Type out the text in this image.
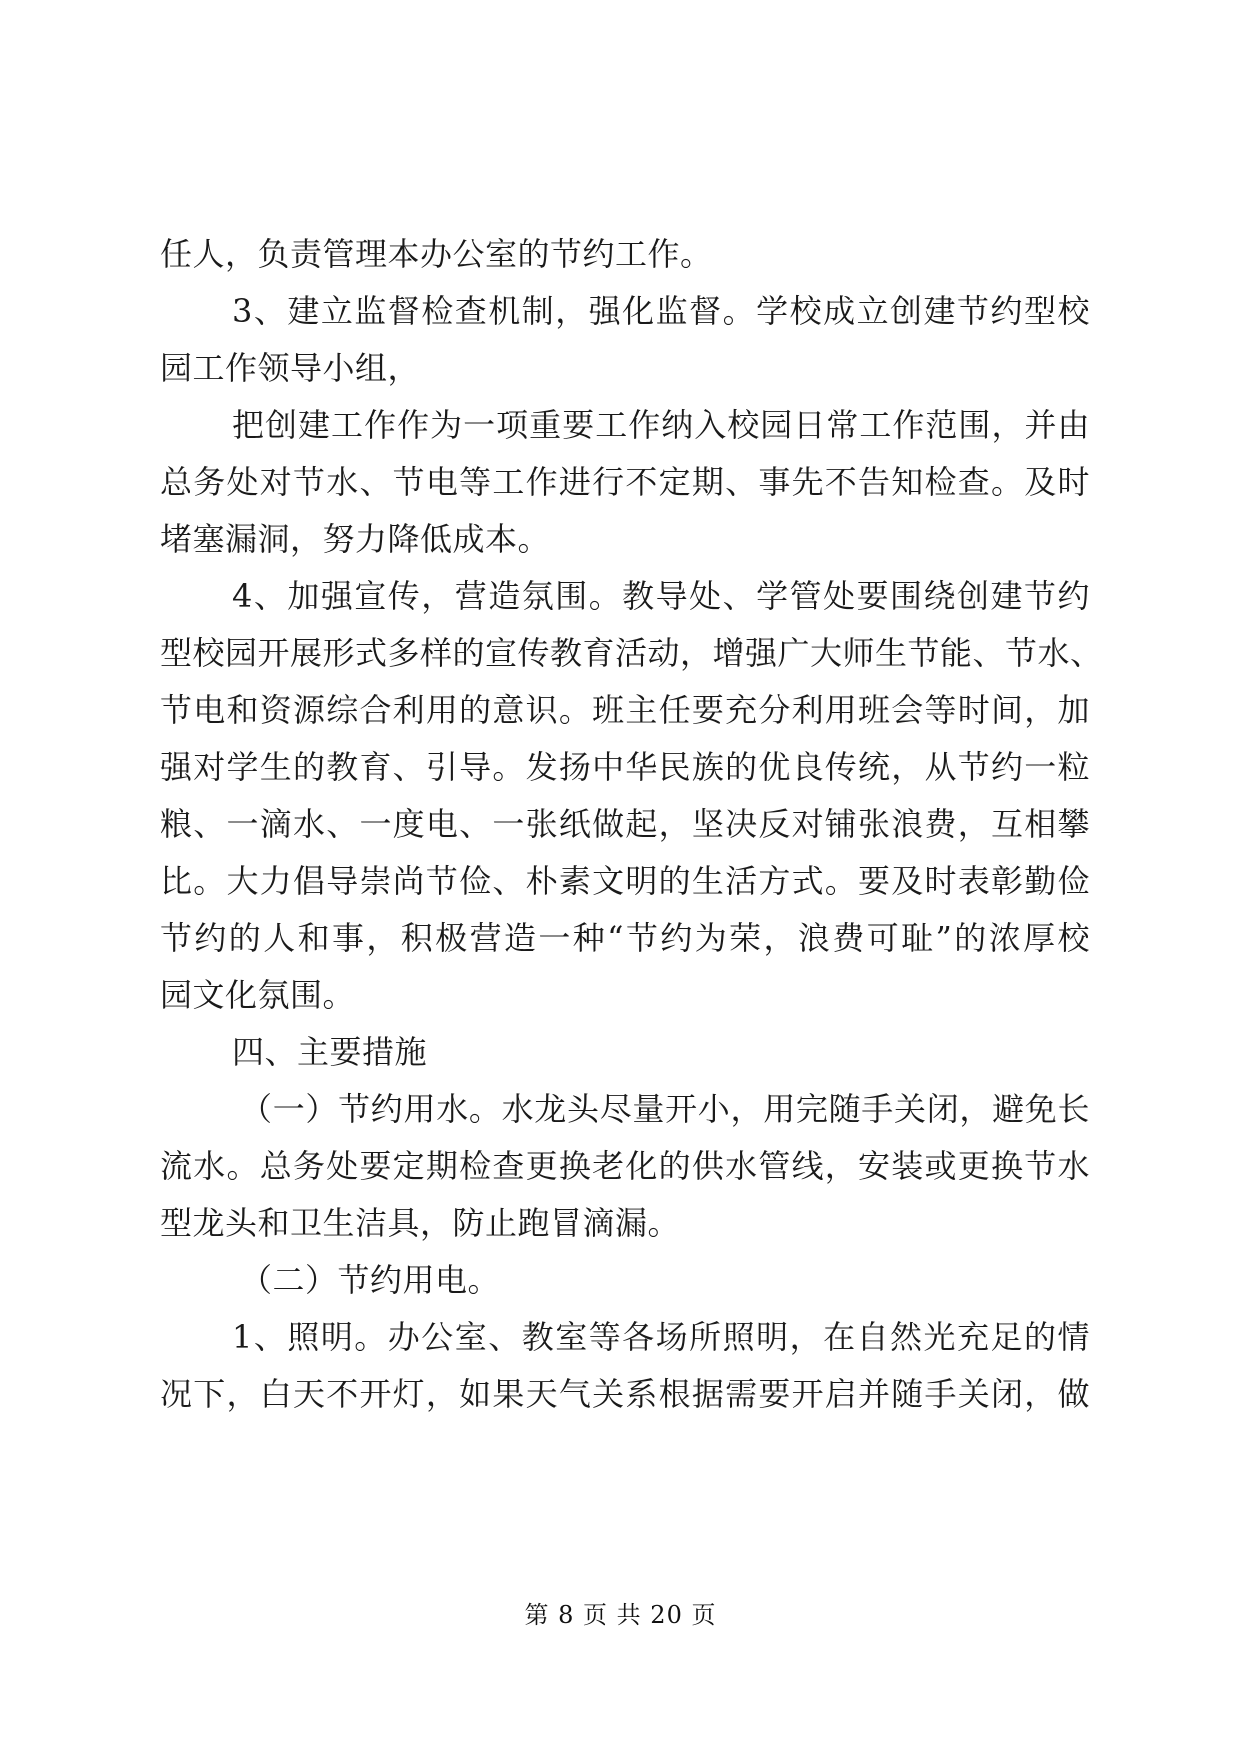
任人，负责管理本办公室的节约工作。
3、建立监督检查机制，强化监督。学校成立创建节约型校
园工作领导小组，
把创建工作作为一项重要工作纳入校园日常工作范围，并由
总务处对节水、节电等工作进行不定期、事先不告知检查。及时
堵塞漏洞，努力降低成本。
4、加强宣传，营造氛围。教导处、学管处要围绕创建节约
型校园开展形式多样的宣传教育活动，增强广大师生节能、节水、
节电和资源综合利用的意识。班主任要充分利用班会等时间，加
强对学生的教育、引导。发扬中华民族的优良传统，从节约一粒
粮、一滴水、一度电、一张纸做起，坚决反对铺张浪费，互相攀
比。大力倡导崇尚节俭、朴素文明的生活方式。要及时表彰勤俭
节约的人和事，积极营造一种“节约为荣，浪费可耻”的浓厚校
园文化氛围。
四、主要措施
（一）节约用水。水龙头尽量开小，用完随手关闭，避免长
流水。总务处要定期检查更换老化的供水管线，安装或更换节水
型龙头和卫生洁具，防止跑冒滴漏。
（二）节约用电。
1、照明。办公室、教室等各场所照明，在自然光充足的情
况下，白天不开灯，如果天气关系根据需要开启并随手关闭，做
第 8 页 共 20 页
